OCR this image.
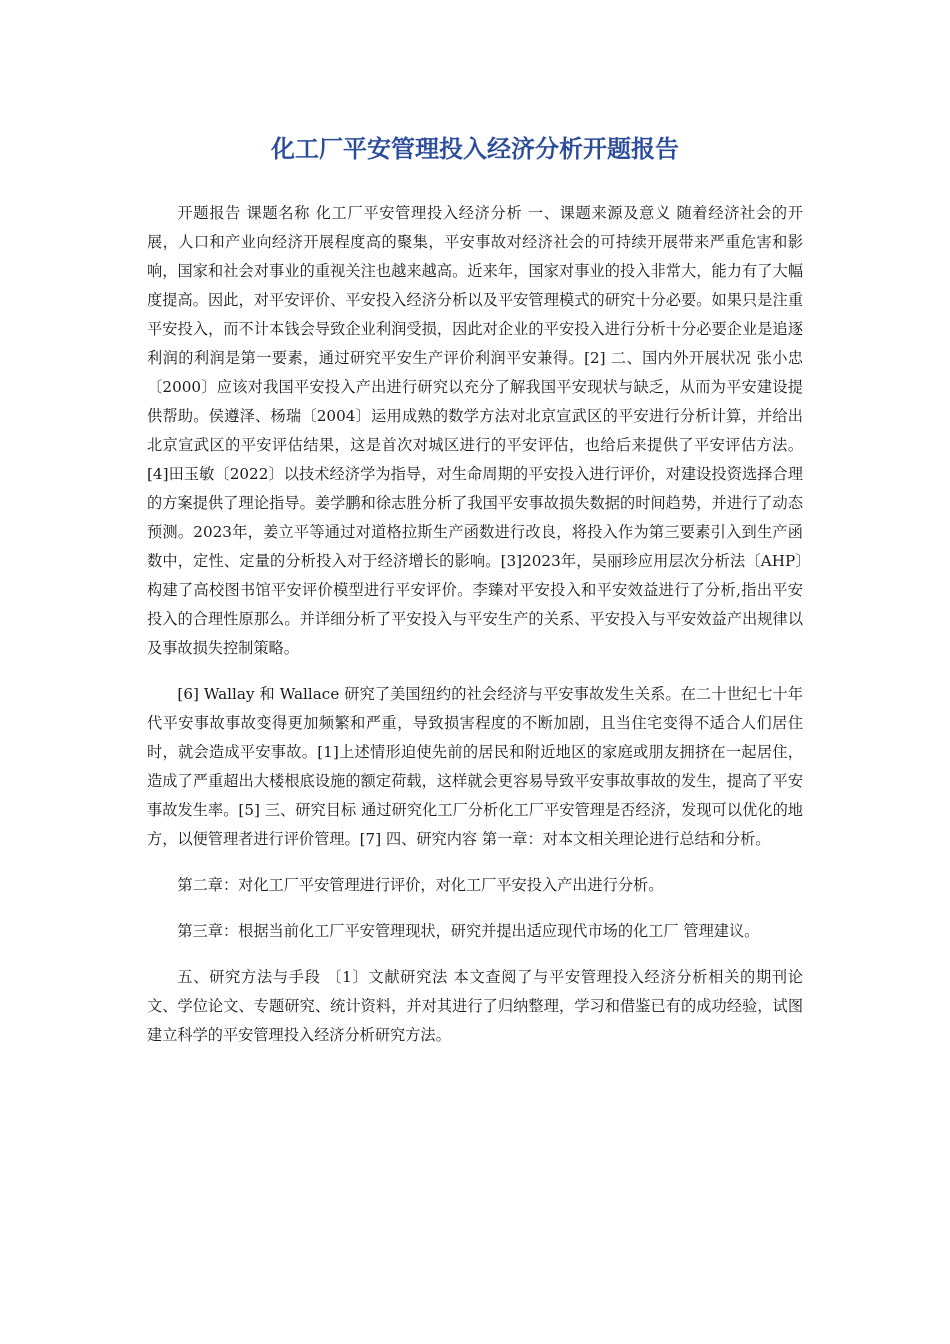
化工厂平安管理投入经济分析开题报告

开题报告 课题名称 化工厂平安管理投入经济分析 一、课题来源及意义 随着经济社会的开展，人口和产业向经济开展程度高的聚集，平安事故对经济社会的可持续开展带来严重危害和影响，国家和社会对事业的重视关注也越来越高。近来年，国家对事业的投入非常大，能力有了大幅度提高。因此，对平安评价、平安投入经济分析以及平安管理模式的研究十分必要。如果只是注重平安投入，而不计本钱会导致企业利润受损，因此对企业的平安投入进行分析十分必要企业是追逐利润的利润是第一要素，通过研究平安生产评价利润平安兼得。[2] 二、国内外开展状况 张小忠〔2000〕应该对我国平安投入产出进行研究以充分了解我国平安现状与缺乏，从而为平安建设提供帮助。侯遵泽、杨瑞〔2004〕运用成熟的数学方法对北京宣武区的平安进行分析计算，并给出北京宣武区的平安评估结果，这是首次对城区进行的平安评估，也给后来提供了平安评估方法。[4]田玉敏〔2022〕以技术经济学为指导，对生命周期的平安投入进行评价，对建设投资选择合理的方案提供了理论指导。姜学鹏和徐志胜分析了我国平安事故损失数据的时间趋势，并进行了动态预测。2023年，姜立平等通过对道格拉斯生产函数进行改良，将投入作为第三要素引入到生产函数中，定性、定量的分析投入对于经济增长的影响。[3]2023年，吴丽珍应用层次分析法〔AHP〕构建了高校图书馆平安评价模型进行平安评价。李臻对平安投入和平安效益进行了分析,指出平安投入的合理性原那么。并详细分析了平安投入与平安生产的关系、平安投入与平安效益产出规律以及事故损失控制策略。

[6] Wallay 和 Wallace 研究了美国纽约的社会经济与平安事故发生关系。在二十世纪七十年代平安事故事故变得更加频繁和严重，导致损害程度的不断加剧，且当住宅变得不适合人们居住时，就会造成平安事故。[1]上述情形迫使先前的居民和附近地区的家庭或朋友拥挤在一起居住，造成了严重超出大楼根底设施的额定荷载，这样就会更容易导致平安事故事故的发生，提高了平安事故发生率。[5] 三、研究目标 通过研究化工厂分析化工厂平安管理是否经济，发现可以优化的地方，以便管理者进行评价管理。[7] 四、研究内容 第一章：对本文相关理论进行总结和分析。

第二章：对化工厂平安管理进行评价，对化工厂平安投入产出进行分析。

第三章：根据当前化工厂平安管理现状，研究并提出适应现代市场的化工厂 管理建议。

五、研究方法与手段 〔1〕文献研究法 本文查阅了与平安管理投入经济分析相关的期刊论文、学位论文、专题研究、统计资料，并对其进行了归纳整理，学习和借鉴已有的成功经验，试图建立科学的平安管理投入经济分析研究方法。
